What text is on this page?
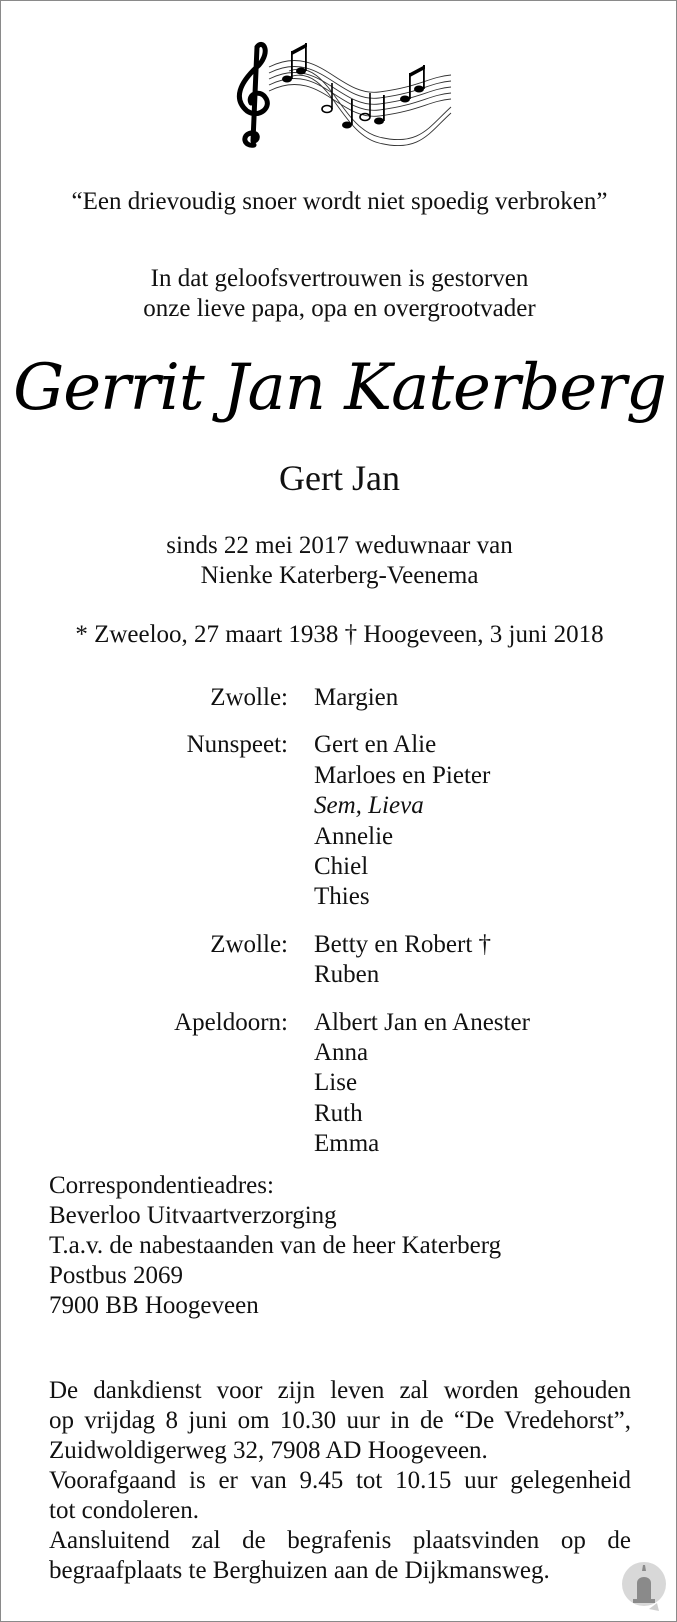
“Een drievoudig snoer wordt niet spoedig verbroken”
In dat geloofsvertrouwen is gestorven
onze lieve papa, opa en overgrootvader
Gerrit Jan Katerberg
Gert Jan
sinds 22 mei 2017 weduwnaar van
Nienke Katerberg-Veenema
* Zweeloo, 27 maart 1938 † Hoogeveen, 3 juni 2018
Zwolle: Margien
Nunspeet: Gert en Alie
Marloes en Pieter
Sem, Lieva
Annelie
Chiel
Thies
Zwolle: Betty en Robert †
Ruben
Apeldoorn: Albert Jan en Anester
Anna
Lise
Ruth
Emma
Correspondentieadres:
Beverloo Uitvaartverzorging
T.a.v. de nabestaanden van de heer Katerberg
Postbus 2069
7900 BB Hoogeveen
De dankdienst voor zijn leven zal worden gehouden
op vrijdag 8 juni om 10.30 uur in de “De Vredehorst”,
Zuidwoldigerweg 32, 7908 AD Hoogeveen.
Voorafgaand is er van 9.45 tot 10.15 uur gelegenheid
tot condoleren.
Aansluitend zal de begrafenis plaatsvinden op de
begraafplaats te Berghuizen aan de Dijkmansweg.
